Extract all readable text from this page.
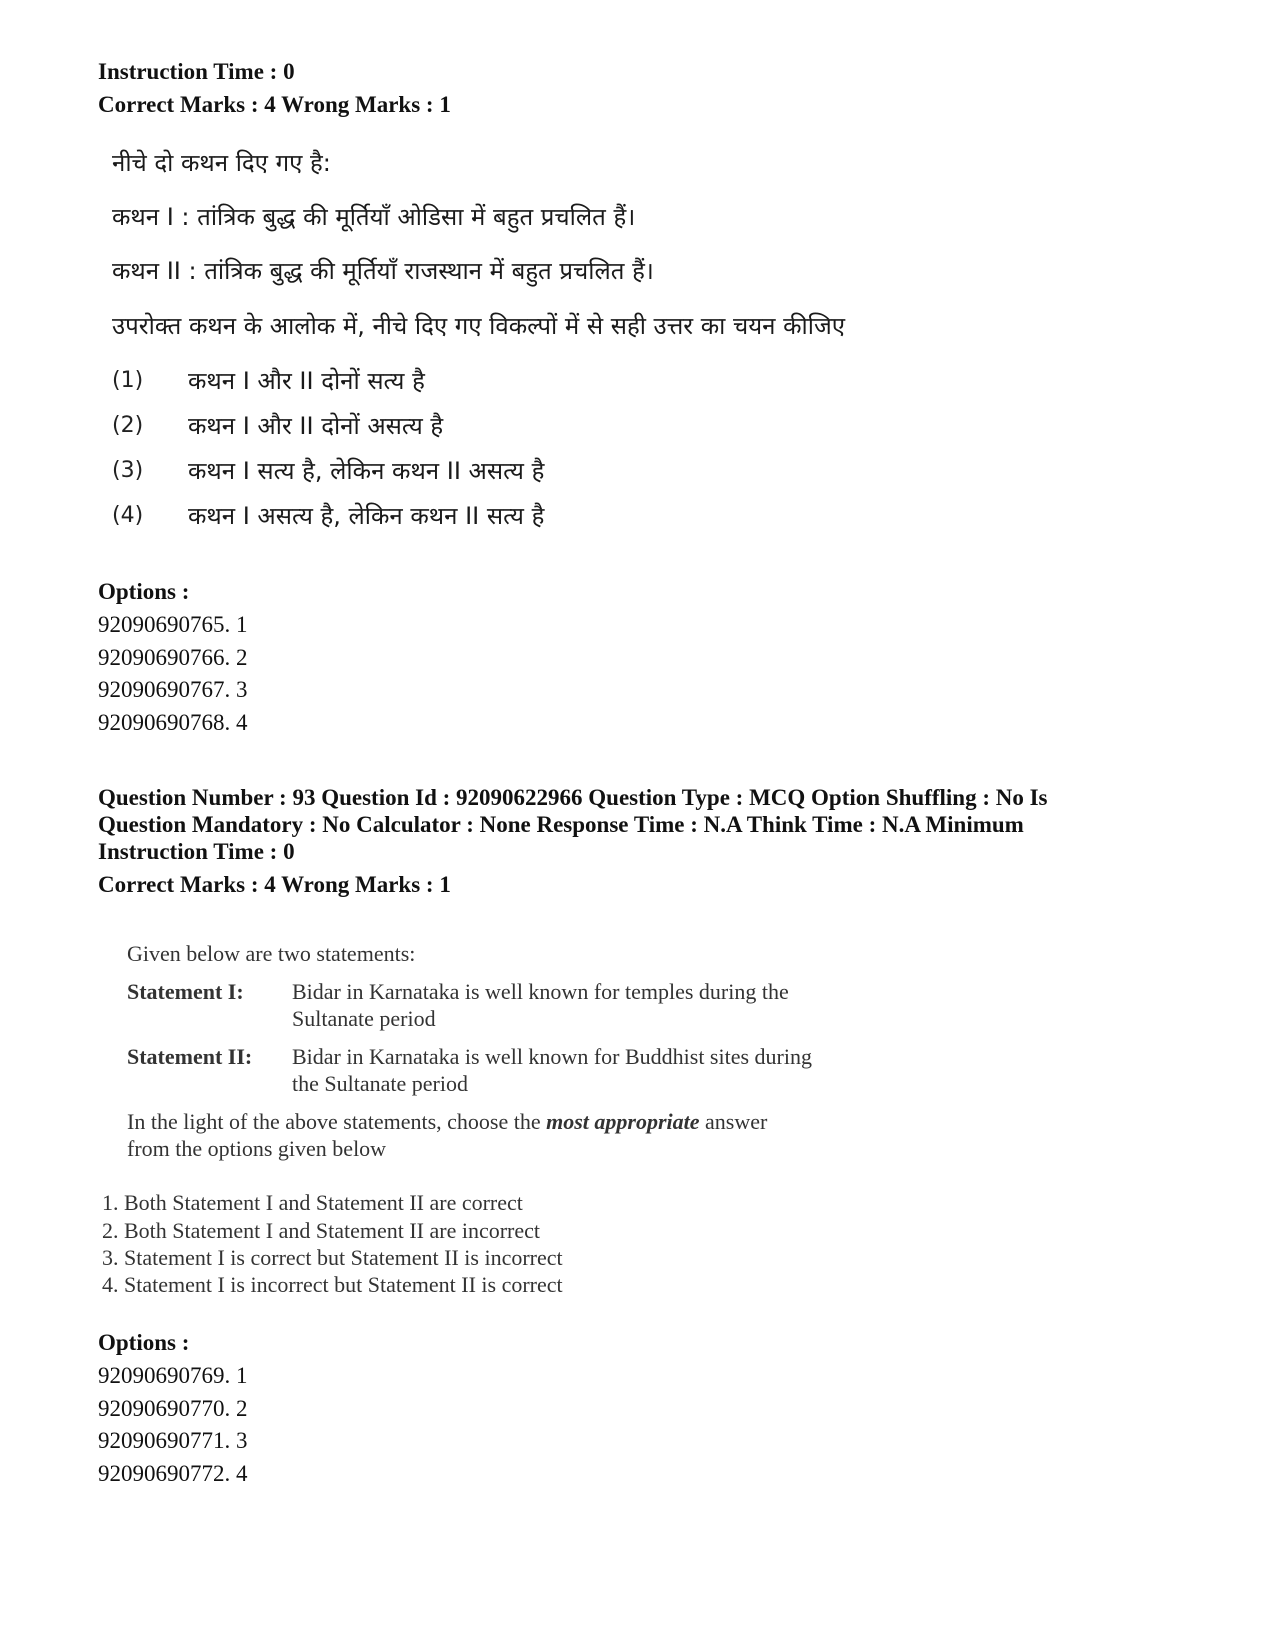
Instruction Time : 0
Correct Marks : 4 Wrong Marks : 1
नीचे दो कथन दिए गए है:
कथन I : तांत्रिक बुद्ध की मूर्तियाँ ओडिसा में बहुत प्रचलित हैं।
कथन II : तांत्रिक बुद्ध की मूर्तियाँ राजस्थान में बहुत प्रचलित हैं।
उपरोक्त कथन के आलोक में, नीचे दिए गए विकल्पों में से सही उत्तर का चयन कीजिए
(1) कथन I और II दोनों सत्य है
(2) कथन I और II दोनों असत्य है
(3) कथन I सत्य है, लेकिन कथन II असत्य है
(4) कथन I असत्य है, लेकिन कथन II सत्य है
Options :
92090690765. 1
92090690766. 2
92090690767. 3
92090690768. 4
Question Number : 93 Question Id : 92090622966 Question Type : MCQ Option Shuffling : No Is
Question Mandatory : No Calculator : None Response Time : N.A Think Time : N.A Minimum
Instruction Time : 0
Correct Marks : 4 Wrong Marks : 1
Given below are two statements:
Statement I: Bidar in Karnataka is well known for temples during the
Sultanate period
Statement II: Bidar in Karnataka is well known for Buddhist sites during
the Sultanate period
In the light of the above statements, choose the most appropriate answer
from the options given below
1. Both Statement I and Statement II are correct
2. Both Statement I and Statement II are incorrect
3. Statement I is correct but Statement II is incorrect
4. Statement I is incorrect but Statement II is correct
Options :
92090690769. 1
92090690770. 2
92090690771. 3
92090690772. 4
